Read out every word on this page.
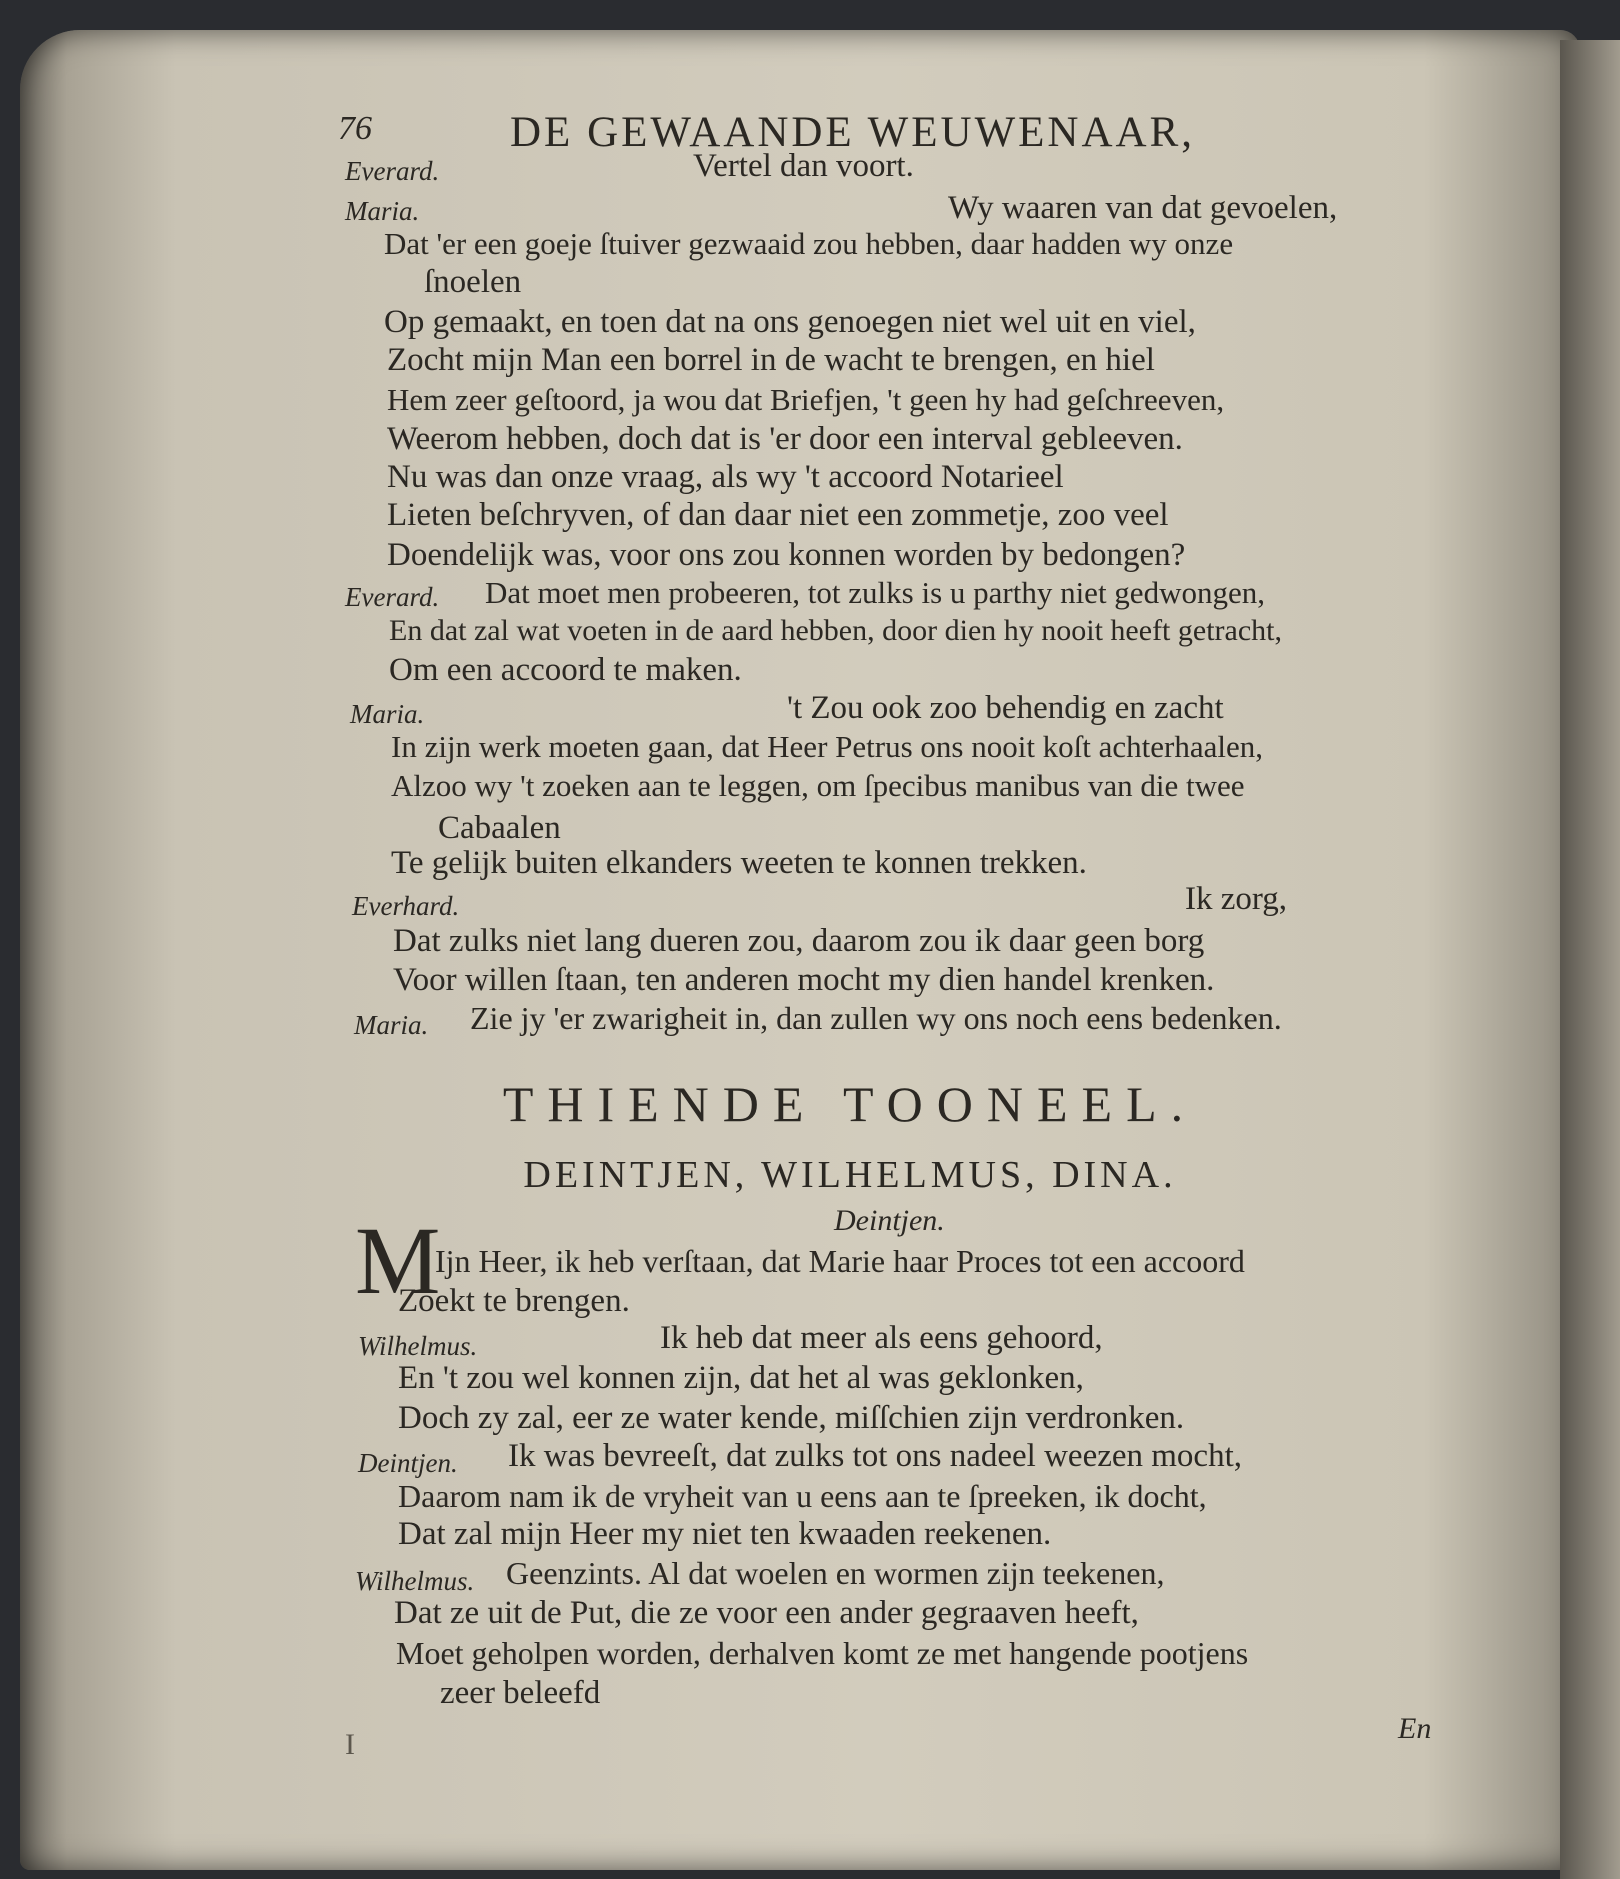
76	DE GEWAANDE WEUWENAAR,
Everard.	Vertel dan voort.
Maria.	Wy waaren van dat gevoelen,
Dat 'er een goeje ſtuiver gezwaaid zou hebben, daar hadden wy onze
ſnoelen
Op gemaakt, en toen dat na ons genoegen niet wel uit en viel,
Zocht mijn Man een borrel in de wacht te brengen, en hiel
Hem zeer geſtoord, ja wou dat Briefjen, 't geen hy had geſchreeven,
Weerom hebben, doch dat is 'er door een interval gebleeven.
Nu was dan onze vraag, als wy 't accoord Notarieel
Lieten beſchryven, of dan daar niet een zommetje, zoo veel
Doendelijk was, voor ons zou konnen worden by bedongen?
Everard. Dat moet men probeeren, tot zulks is u parthy niet gedwongen,
En dat zal wat voeten in de aard hebben, door dien hy nooit heeft getracht,
Om een accoord te maken.
Maria.	't Zou ook zoo behendig en zacht
In zijn werk moeten gaan, dat Heer Petrus ons nooit koſt achterhaalen,
Alzoo wy 't zoeken aan te leggen, om ſpecibus manibus van die twee
Cabaalen
Te gelijk buiten elkanders weeten te konnen trekken.
Everhard.	Ik zorg,
Dat zulks niet lang dueren zou, daarom zou ik daar geen borg
Voor willen ſtaan, ten anderen mocht my dien handel krenken.
Maria. Zie jy 'er zwarigheit in, dan zullen wy ons noch eens bedenken.
THIENDE TOONEEL.
DEINTJEN, WILHELMUS, DINA.
Deintjen.
M
Ijn Heer, ik heb verſtaan, dat Marie haar Proces tot een accoord
Zoekt te brengen.
Wilhelmus.	Ik heb dat meer als eens gehoord,
En 't zou wel konnen zijn, dat het al was geklonken,
Doch zy zal, eer ze water kende, miſſchien zijn verdronken.
Deintjen. Ik was bevreeſt, dat zulks tot ons nadeel weezen mocht,
Daarom nam ik de vryheit van u eens aan te ſpreeken, ik docht,
Dat zal mijn Heer my niet ten kwaaden reekenen.
Wilhelmus. Geenzints. Al dat woelen en wormen zijn teekenen,
Dat ze uit de Put, die ze voor een ander gegraaven heeft,
Moet geholpen worden, derhalven komt ze met hangende pootjens
zeer beleefd
I	En
